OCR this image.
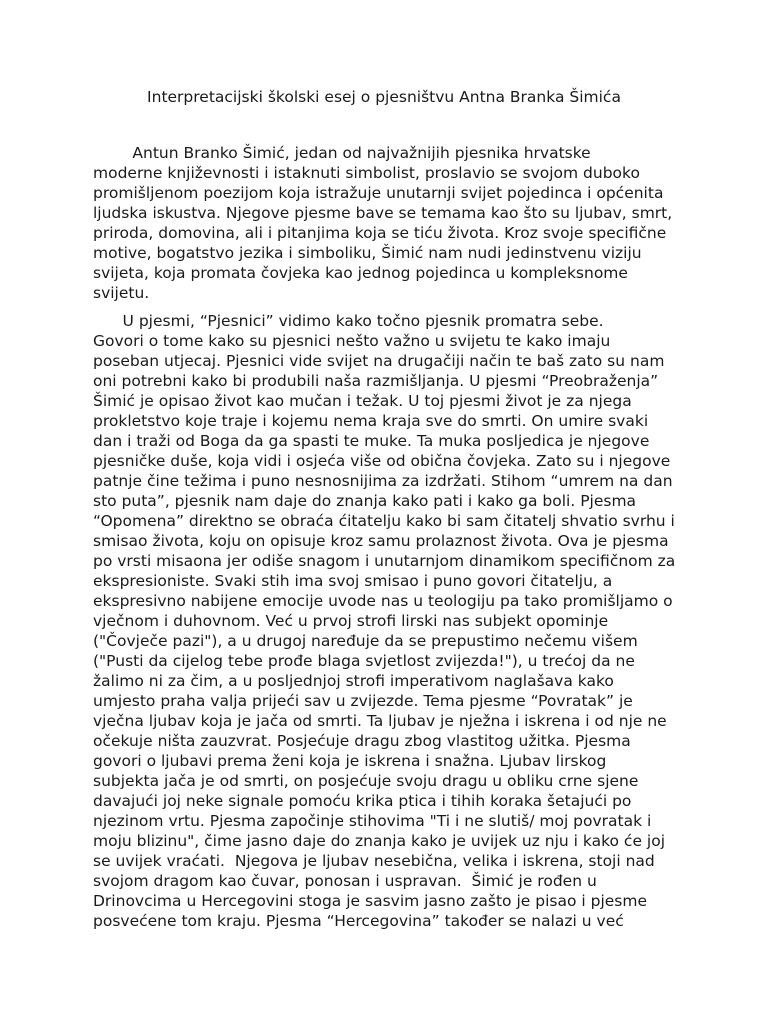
Interpretacijski školski esej o pjesništvu Antna Branka Šimića
Antun Branko Šimić, jedan od najvažnijih pjesnika hrvatske
moderne književnosti i istaknuti simbolist, proslavio se svojom duboko
promišljenom poezijom koja istražuje unutarnji svijet pojedinca i općenita
ljudska iskustva. Njegove pjesme bave se temama kao što su ljubav, smrt,
priroda, domovina, ali i pitanjima koja se tiću života. Kroz svoje specifične
motive, bogatstvo jezika i simboliku, Šimić nam nudi jedinstvenu viziju
svijeta, koja promata čovjeka kao jednog pojedinca u kompleksnome
svijetu.
U pjesmi, “Pjesnici” vidimo kako točno pjesnik promatra sebe.
Govori o tome kako su pjesnici nešto važno u svijetu te kako imaju
poseban utjecaj. Pjesnici vide svijet na drugačiji način te baš zato su nam
oni potrebni kako bi produbili naša razmišljanja. U pjesmi “Preobraženja”
Šimić je opisao život kao mučan i težak. U toj pjesmi život je za njega
prokletstvo koje traje i kojemu nema kraja sve do smrti. On umire svaki
dan i traži od Boga da ga spasti te muke. Ta muka posljedica je njegove
pjesničke duše, koja vidi i osjeća više od obična čovjeka. Zato su i njegove
patnje čine težima i puno nesnosnijima za izdržati. Stihom “umrem na dan
sto puta”, pjesnik nam daje do znanja kako pati i kako ga boli. Pjesma
“Opomena” direktno se obraća ćitatelju kako bi sam čitatelj shvatio svrhu i
smisao života, koju on opisuje kroz samu prolaznost života. Ova je pjesma
po vrsti misaona jer odiše snagom i unutarnjom dinamikom specifičnom za
ekspresioniste. Svaki stih ima svoj smisao i puno govori čitatelju, a
ekspresivno nabijene emocije uvode nas u teologiju pa tako promišljamo o
vječnom i duhovnom. Već u prvoj strofi lirski nas subjekt opominje
("Čovječe pazi"), a u drugoj naređuje da se prepustimo nečemu višem
("Pusti da cijelog tebe prođe blaga svjetlost zvijezda!"), u trećoj da ne
žalimo ni za čim, a u posljednjoj strofi imperativom naglašava kako
umjesto praha valja prijeći sav u zvijezde. Tema pjesme “Povratak” je
vječna ljubav koja je jača od smrti. Ta ljubav je nježna i iskrena i od nje ne
očekuje ništa zauzvrat. Posjećuje dragu zbog vlastitog užitka. Pjesma
govori o ljubavi prema ženi koja je iskrena i snažna. Ljubav lirskog
subjekta jača je od smrti, on posjećuje svoju dragu u obliku crne sjene
davajući joj neke signale pomoću krika ptica i tihih koraka šetajući po
njezinom vrtu. Pjesma započinje stihovima "Ti i ne slutiš/ moj povratak i
moju blizinu", čime jasno daje do znanja kako je uvijek uz nju i kako će joj
se uvijek vraćati.  Njegova je ljubav nesebična, velika i iskrena, stoji nad
svojom dragom kao čuvar, ponosan i uspravan.  Šimić je rođen u
Drinovcima u Hercegovini stoga je sasvim jasno zašto je pisao i pjesme
posvećene tom kraju. Pjesma “Hercegovina” također se nalazi u već
